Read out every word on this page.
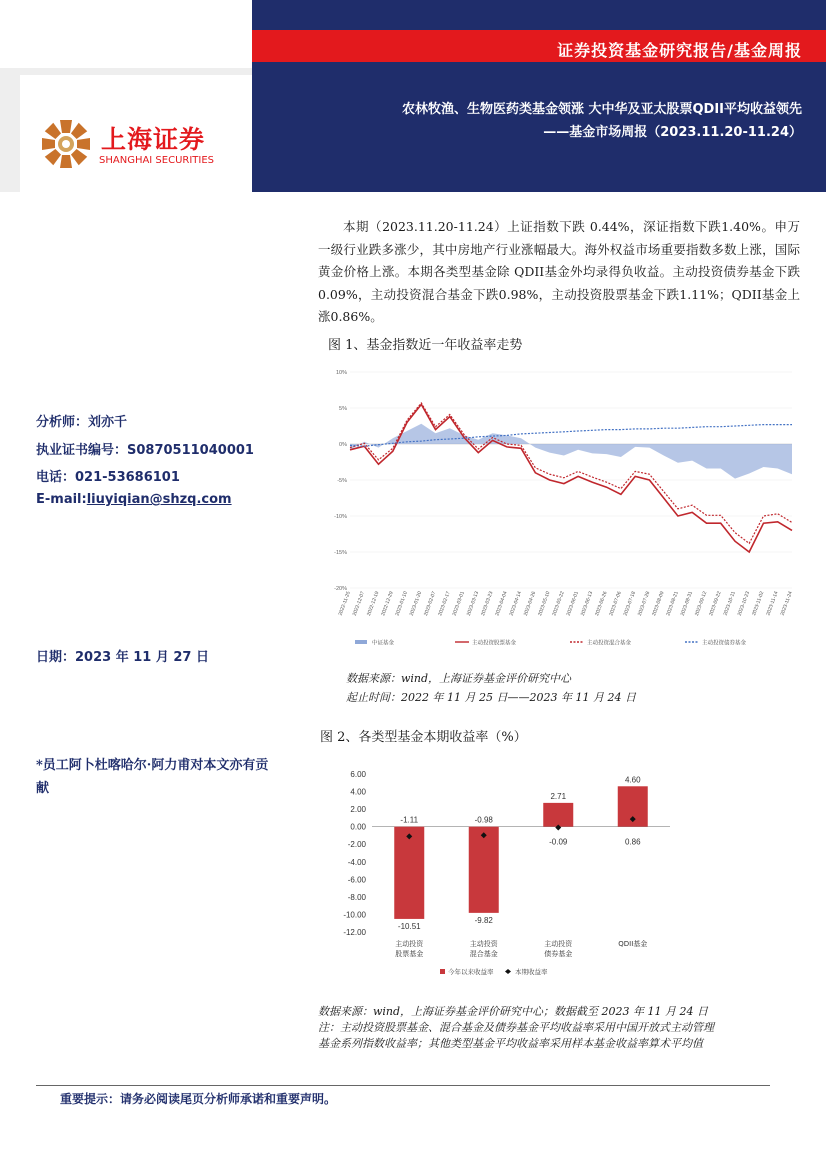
证券投资基金研究报告/基金周报
农林牧渔、生物医药类基金领涨 大中华及亚太股票QDII平均收益领先
——基金市场周报（2023.11.20-11.24）
上海证券
SHANGHAI SECURITIES
本期（2023.11.20-11.24）上证指数下跌 0.44%，深证指数下跌1.40%。申万一级行业跌多涨少，其中房地产行业涨幅最大。海外权益市场重要指数多数上涨，国际黄金价格上涨。本期各类型基金除 QDII基金外均录得负收益。主动投资债券基金下跌 0.09%，主动投资混合基金下跌0.98%，主动投资股票基金下跌1.11%；QDII基金上涨0.86%。
分析师：刘亦千
执业证书编号：S0870511040001
电话：021-53686101
E-mail:liuyiqian@shzq.com
日期：2023 年 11 月 27 日
*员工阿卜杜喀哈尔·阿力甫对本文亦有贡献
图 1、基金指数近一年收益率走势
10%
5%
0%
-5%
-10%
-15%
-20%
2022-11-25 2022-12-07 2022-12-19 2022-12-29 2023-01-10 2023-01-20 2023-02-07 2023-02-17 2023-03-01 2023-03-13 2023-03-23 2023-04-04 2023-04-14 2023-04-26 2023-05-10 2023-05-22 2023-06-01 2023-06-13 2023-06-26 2023-07-06 2023-07-18 2023-07-28 2023-08-09 2023-08-21 2023-08-31 2023-09-12 2023-09-22 2023-10-11 2023-10-23 2023-11-02 2023-11-14 2023-11-24
中证基金	主动投资股票基金	主动投资混合基金	主动投资债券基金
数据来源：wind，上海证券基金评价研究中心
起止时间：2022 年 11 月 25 日——2023 年 11 月 24 日
图 2、各类型基金本期收益率（%）
6.00
4.00
2.00
0.00
-2.00
-4.00
-6.00
-8.00
-10.00
-12.00
-10.51
-1.11
主动投资
股票基金
-9.82
-0.98
主动投资
混合基金
2.71
-0.09
主动投资
债券基金
4.60
0.86
QDII基金
今年以来收益率	本期收益率
数据来源：wind，上海证券基金评价研究中心；数据截至 2023 年 11 月 24 日
注：主动投资股票基金、混合基金及债券基金平均收益率采用中国开放式主动管理
基金系列指数收益率；其他类型基金平均收益率采用样本基金收益率算术平均值
重要提示：请务必阅读尾页分析师承诺和重要声明。
